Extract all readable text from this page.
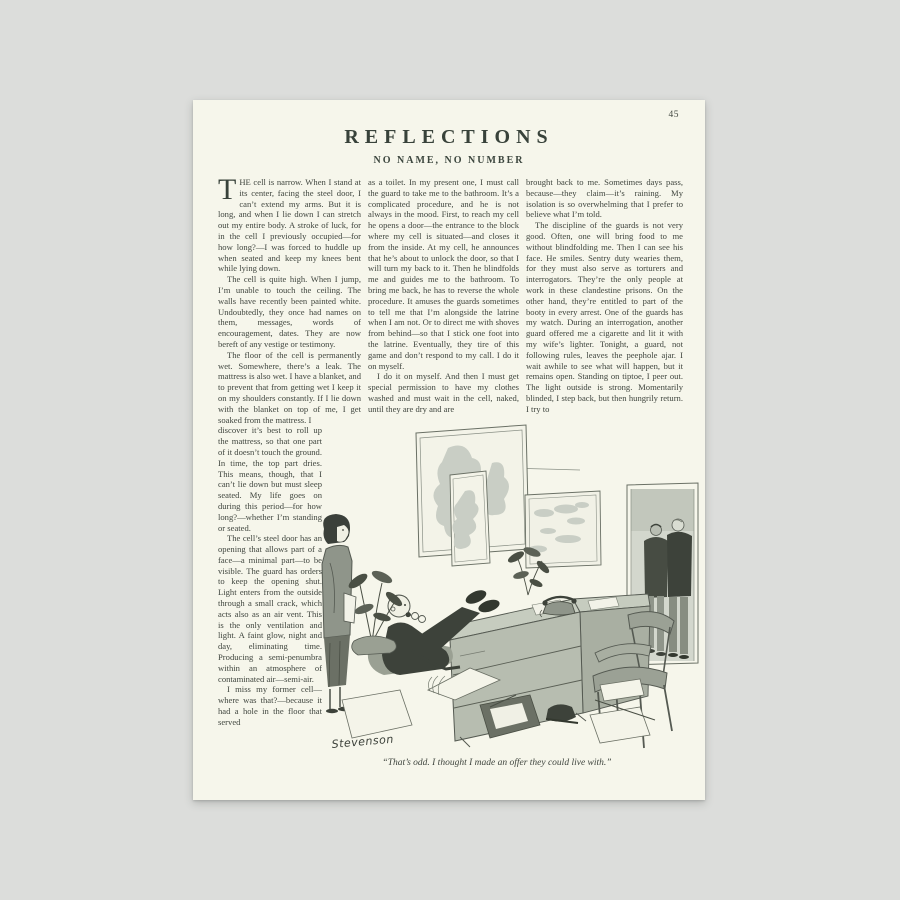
45
REFLECTIONS
NO NAME, NO NUMBER

THE cell is narrow. When I stand at its center, facing the steel door, I can’t extend my arms. But it is long, and when I lie down I can stretch out my entire body. A stroke of luck, for in the cell I previously occupied—for how long?—I was forced to huddle up when seated and keep my knees bent while lying down.

The cell is quite high. When I jump, I’m unable to touch the ceiling. The walls have recently been painted white. Undoubtedly, they once had names on them, messages, words of encouragement, dates. They are now bereft of any vestige or testimony.

The floor of the cell is permanently wet. Somewhere, there’s a leak. The mattress is also wet. I have a blanket, and to prevent that from getting wet I keep it on my shoulders constantly. If I lie down with the blanket on top of me, I get soaked from the mattress. I

discover it’s best to roll up the mattress, so that one part of it doesn’t touch the ground. In time, the top part dries. This means, though, that I can’t lie down but must sleep seated. My life goes on during this period—for how long?—whether I’m standing or seated.

The cell’s steel door has an opening that allows part of a face—a minimal part—to be visible. The guard has orders to keep the opening shut. Light enters from the outside through a small crack, which acts also as an air vent. This is the only ventilation and light. A faint glow, night and day, eliminating time. Producing a semi-penumbra within an atmosphere of contaminated air—semi-air.

I miss my former cell—where was that?—because it had a hole in the floor that served

as a toilet. In my present one, I must call the guard to take me to the bathroom. It’s a complicated procedure, and he is not always in the mood. First, to reach my cell he opens a door—the entrance to the block where my cell is situated—and closes it from the inside. At my cell, he announces that he’s about to unlock the door, so that I will turn my back to it. Then he blindfolds me and guides me to the bathroom. To bring me back, he has to reverse the whole procedure. It amuses the guards sometimes to tell me that I’m alongside the latrine when I am not. Or to direct me with shoves from behind—so that I stick one foot into the latrine. Eventually, they tire of this game and don’t respond to my call. I do it on myself.

I do it on myself. And then I must get special permission to have my clothes washed and must wait in the cell, naked, until they are dry and are

brought back to me. Sometimes days pass, because—they claim—it’s raining. My isolation is so overwhelming that I prefer to believe what I’m told.

The discipline of the guards is not very good. Often, one will bring food to me without blindfolding me. Then I can see his face. He smiles. Sentry duty wearies them, for they must also serve as torturers and interrogators. They’re the only people at work in these clandestine prisons. On the other hand, they’re entitled to part of the booty in every arrest. One of the guards has my watch. During an interrogation, another guard offered me a cigarette and lit it with my wife’s lighter. Tonight, a guard, not following rules, leaves the peephole ajar. I wait awhile to see what will happen, but it remains open. Standing on tiptoe, I peer out. The light outside is strong. Momentarily blinded, I step back, but then hungrily return. I try to

Stevenson
“That’s odd. I thought I made an offer they could live with.”
